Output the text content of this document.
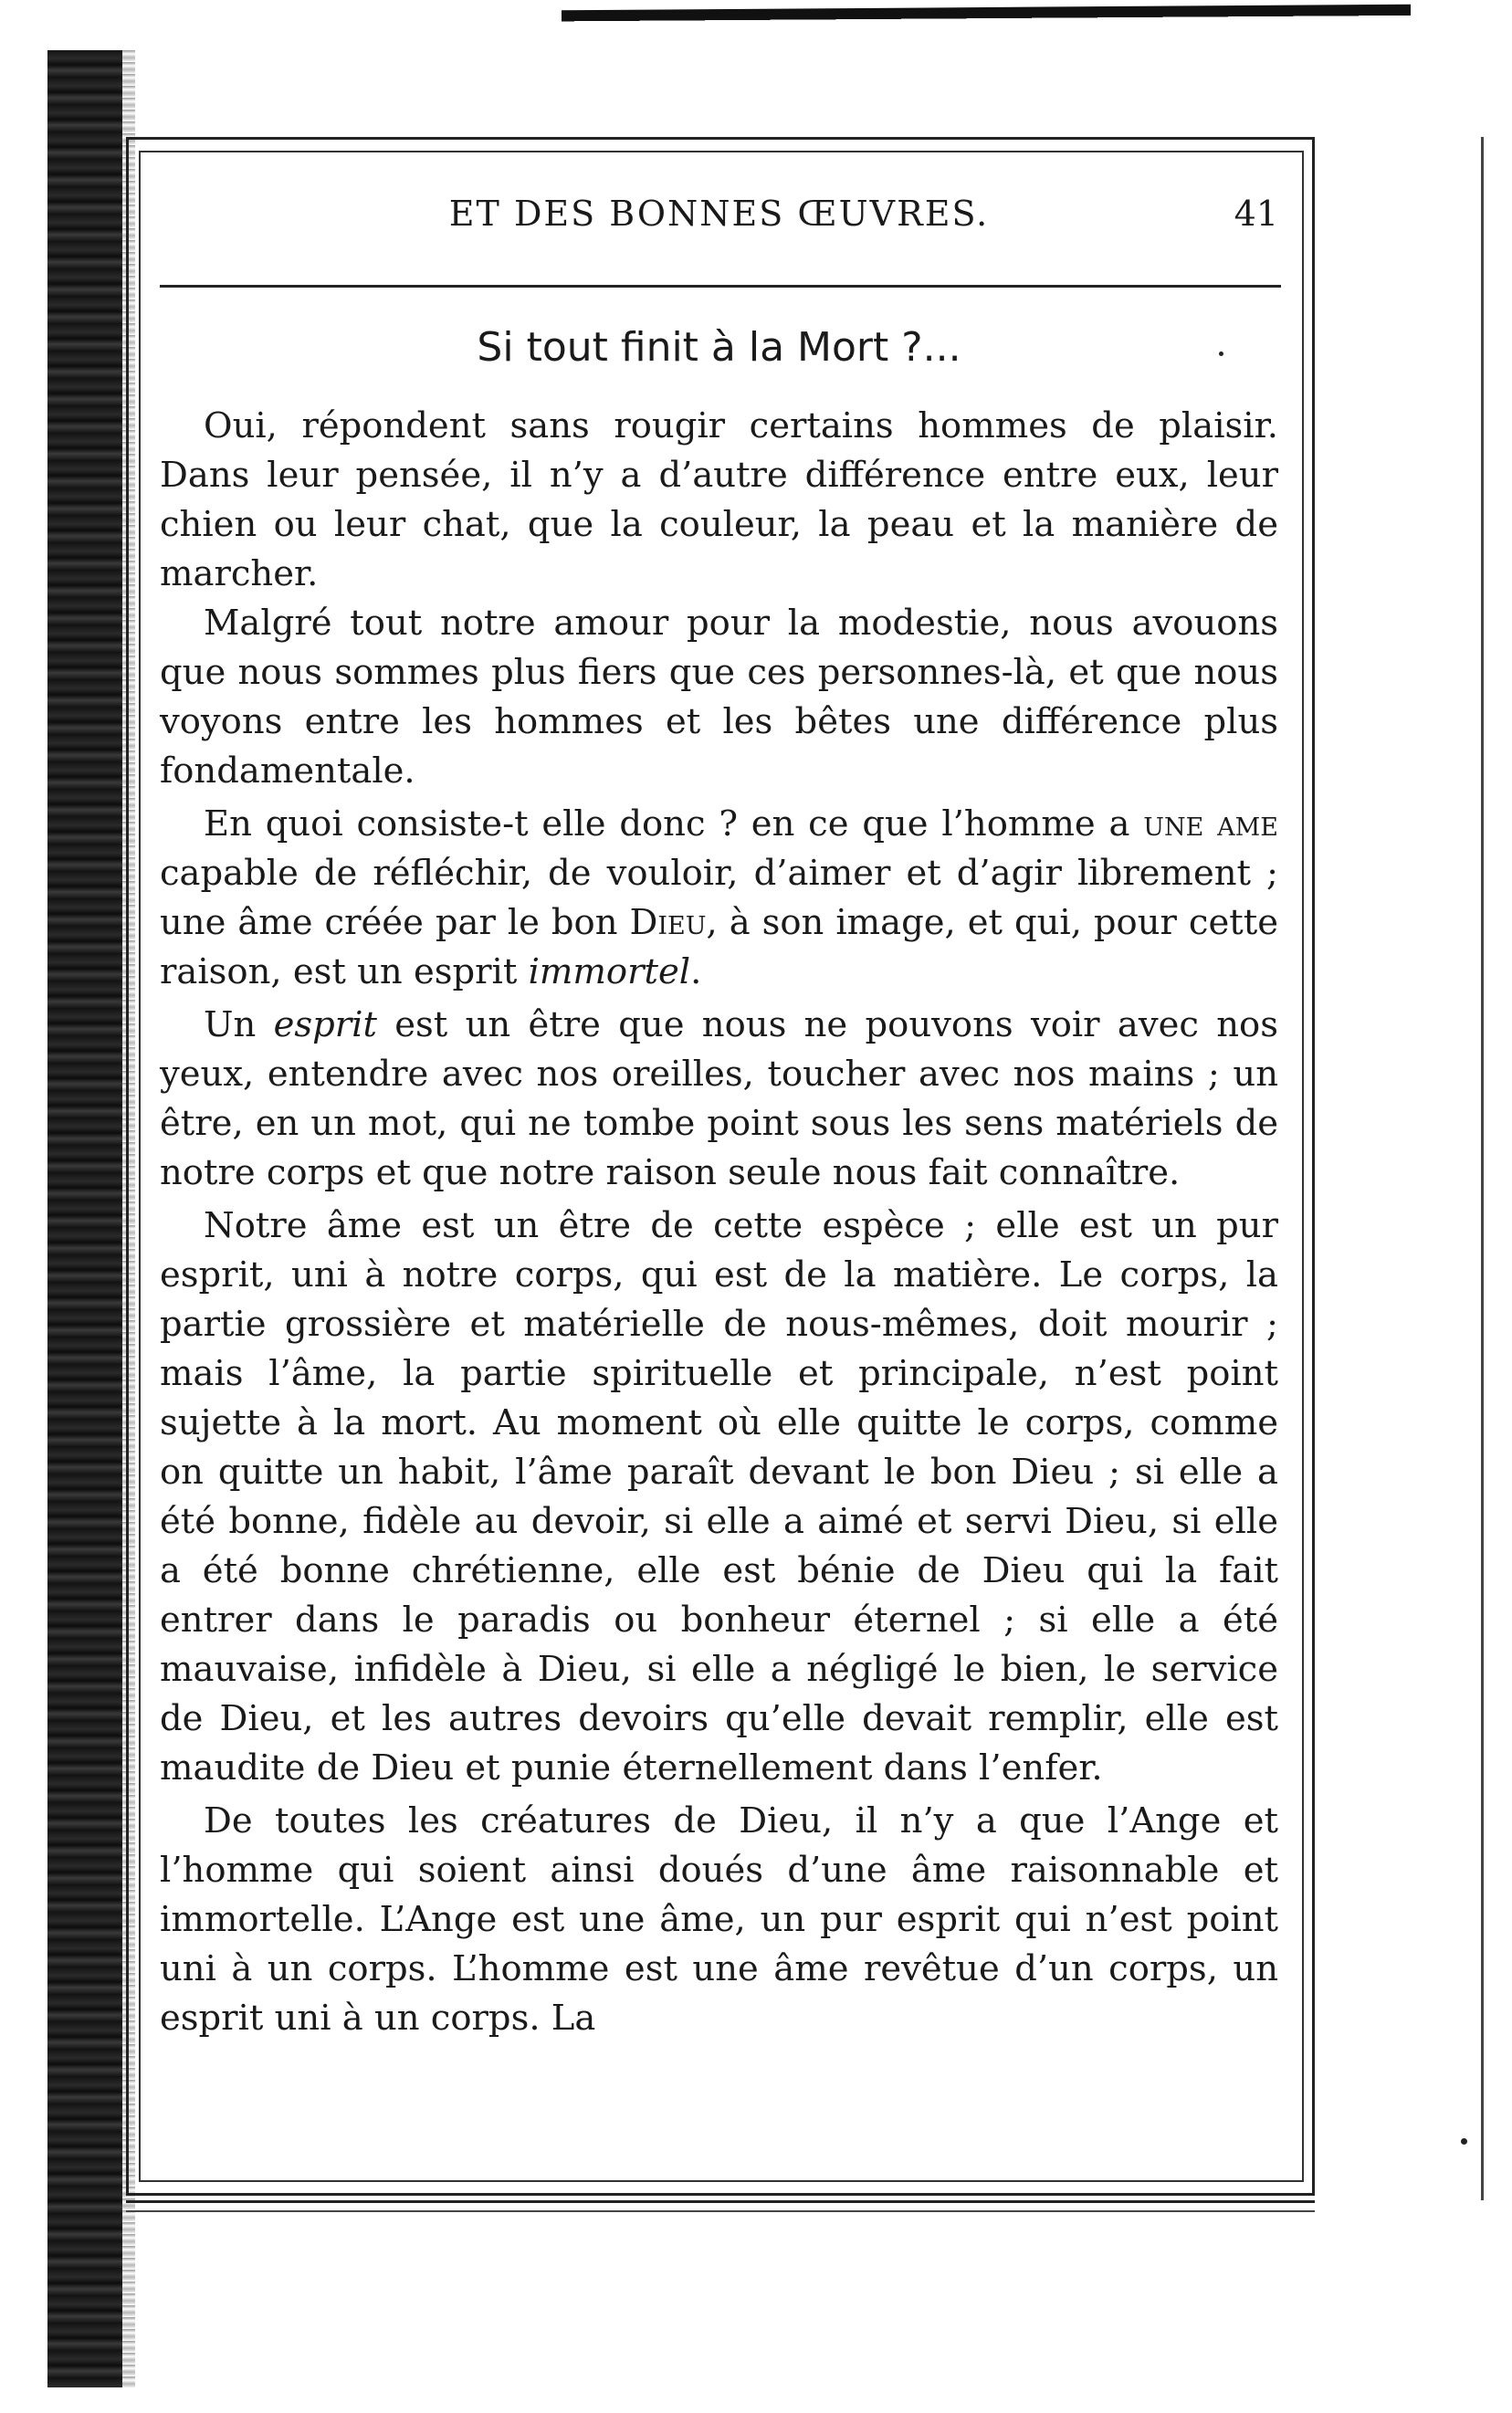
ET DES BONNES ŒUVRES.	41
Si tout finit à la Mort ?...

Oui, répondent sans rougir certains hommes de plaisir. Dans leur pensée, il n’y a d’autre différence entre eux, leur chien ou leur chat, que la couleur, la peau et la manière de marcher.

Malgré tout notre amour pour la modestie, nous avouons que nous sommes plus fiers que ces personnes-là, et que nous voyons entre les hommes et les bêtes une différence plus fondamentale.

En quoi consiste-t elle donc ? en ce que l’homme a une ame capable de réfléchir, de vouloir, d’aimer et d’agir librement ; une âme créée par le bon Dieu, à son image, et qui, pour cette raison, est un esprit immortel.

Un esprit est un être que nous ne pouvons voir avec nos yeux, entendre avec nos oreilles, toucher avec nos mains ; un être, en un mot, qui ne tombe point sous les sens matériels de notre corps et que notre raison seule nous fait connaître.

Notre âme est un être de cette espèce ; elle est un pur esprit, uni à notre corps, qui est de la matière. Le corps, la partie grossière et matérielle de nous-mêmes, doit mourir ; mais l’âme, la partie spirituelle et principale, n’est point sujette à la mort. Au moment où elle quitte le corps, comme on quitte un habit, l’âme paraît devant le bon Dieu ; si elle a été bonne, fidèle au devoir, si elle a aimé et servi Dieu, si elle a été bonne chrétienne, elle est bénie de Dieu qui la fait entrer dans le paradis ou bonheur éternel ; si elle a été mauvaise, infidèle à Dieu, si elle a négligé le bien, le service de Dieu, et les autres devoirs qu’elle devait remplir, elle est maudite de Dieu et punie éternellement dans l’enfer.

De toutes les créatures de Dieu, il n’y a que l’Ange et l’homme qui soient ainsi doués d’une âme raisonnable et immortelle. L’Ange est une âme, un pur esprit qui n’est point uni à un corps. L’homme est une âme revêtue d’un corps, un esprit uni à un corps. La
